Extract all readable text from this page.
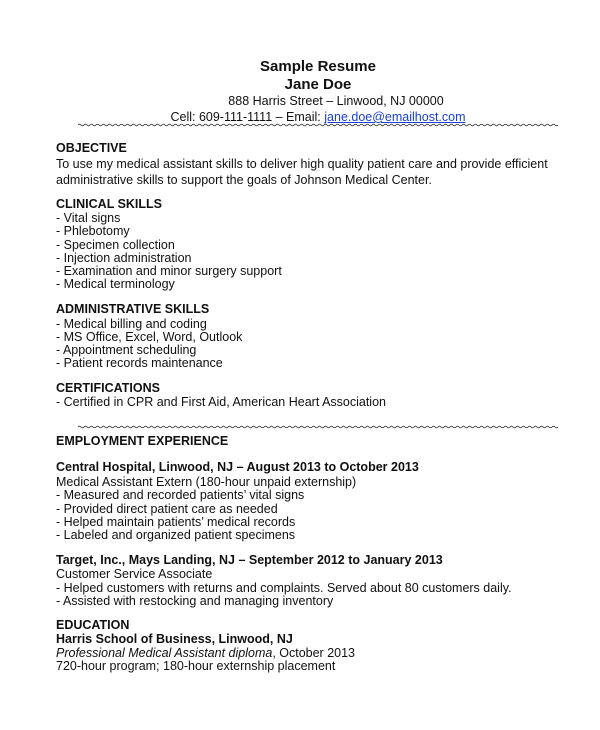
Sample Resume
Jane Doe
888 Harris Street – Linwood, NJ 00000
Cell: 609-111-1111 – Email: jane.doe@emailhost.com
OBJECTIVE
To use my medical assistant skills to deliver high quality patient care and provide efficient
administrative skills to support the goals of Johnson Medical Center.
CLINICAL SKILLS
- Vital signs
- Phlebotomy
- Specimen collection
- Injection administration
- Examination and minor surgery support
- Medical terminology
ADMINISTRATIVE SKILLS
- Medical billing and coding
- MS Office, Excel, Word, Outlook
- Appointment scheduling
- Patient records maintenance
CERTIFICATIONS
- Certified in CPR and First Aid, American Heart Association
EMPLOYMENT EXPERIENCE
Central Hospital, Linwood, NJ – August 2013 to October 2013
Medical Assistant Extern (180-hour unpaid externship)
- Measured and recorded patients’ vital signs
- Provided direct patient care as needed
- Helped maintain patients’ medical records
- Labeled and organized patient specimens
Target, Inc., Mays Landing, NJ – September 2012 to January 2013
Customer Service Associate
- Helped customers with returns and complaints. Served about 80 customers daily.
- Assisted with restocking and managing inventory
EDUCATION
Harris School of Business, Linwood, NJ
Professional Medical Assistant diploma, October 2013
720-hour program; 180-hour externship placement
